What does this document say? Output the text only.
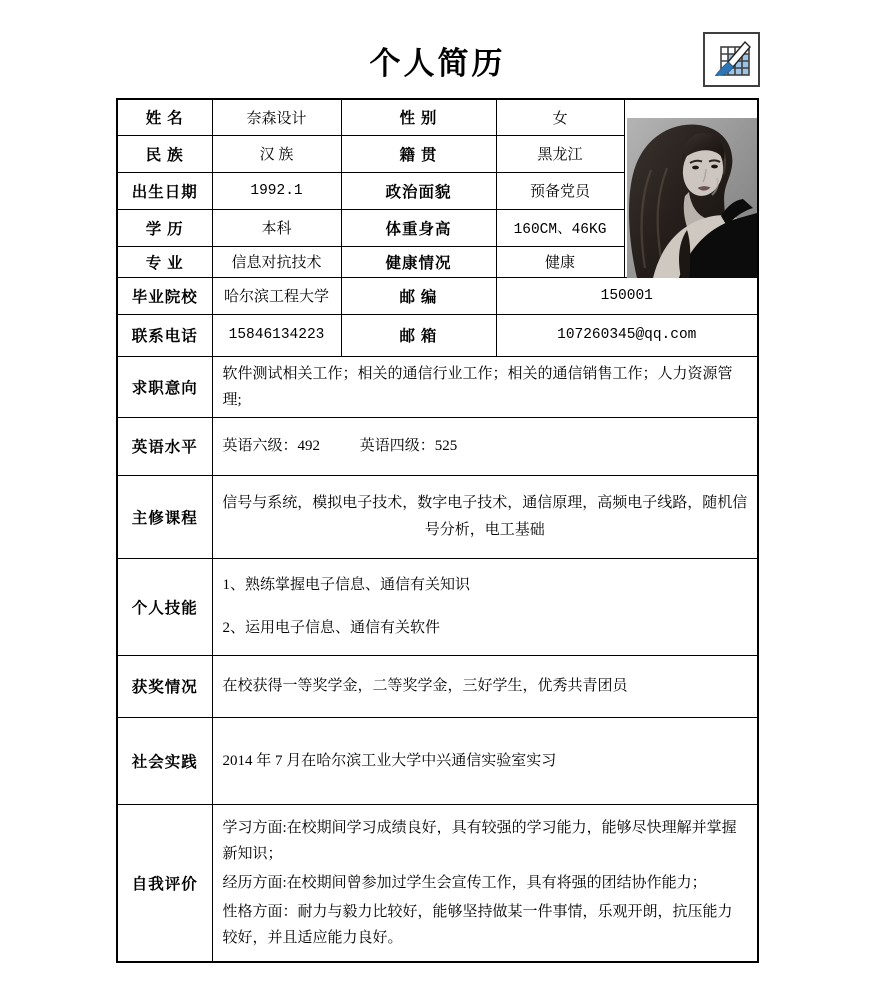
个人简历
姓 名	奈森设计	性 别	女	
民 族	汉 族	籍 贯	黑龙江	
出生日期	1992.1	政治面貌	预备党员	
学 历	本科	体重身高	160CM、46KG	
专 业	信息对抗技术	健康情况	健康	
毕业院校	哈尔滨工程大学	邮 编	150001	
联系电话	15846134223	邮 箱	107260345@qq.com	
求职意向	软件测试相关工作；相关的通信行业工作；相关的通信销售工作；人力资源管理;			
英语水平	英语六级：492 英语四级：525			
主修课程	信号与系统，模拟电子技术，数字电子技术，通信原理，高频电子线路，随机信号分析，电工基础			
个人技能	1、熟练掌握电子信息、通信有关知识

2、运用电子信息、通信有关软件			

获奖情况	在校获得一等奖学金，二等奖学金，三好学生，优秀共青团员			
社会实践	2014 年 7 月在哈尔滨工业大学中兴通信实验室实习			
自我评价	学习方面:在校期间学习成绩良好，具有较强的学习能力，能够尽快理解并掌握新知识；

经历方面:在校期间曾参加过学生会宣传工作，具有将强的团结协作能力；

性格方面：耐力与毅力比较好，能够坚持做某一件事情，乐观开朗，抗压能力较好，并且适应能力良好。			
